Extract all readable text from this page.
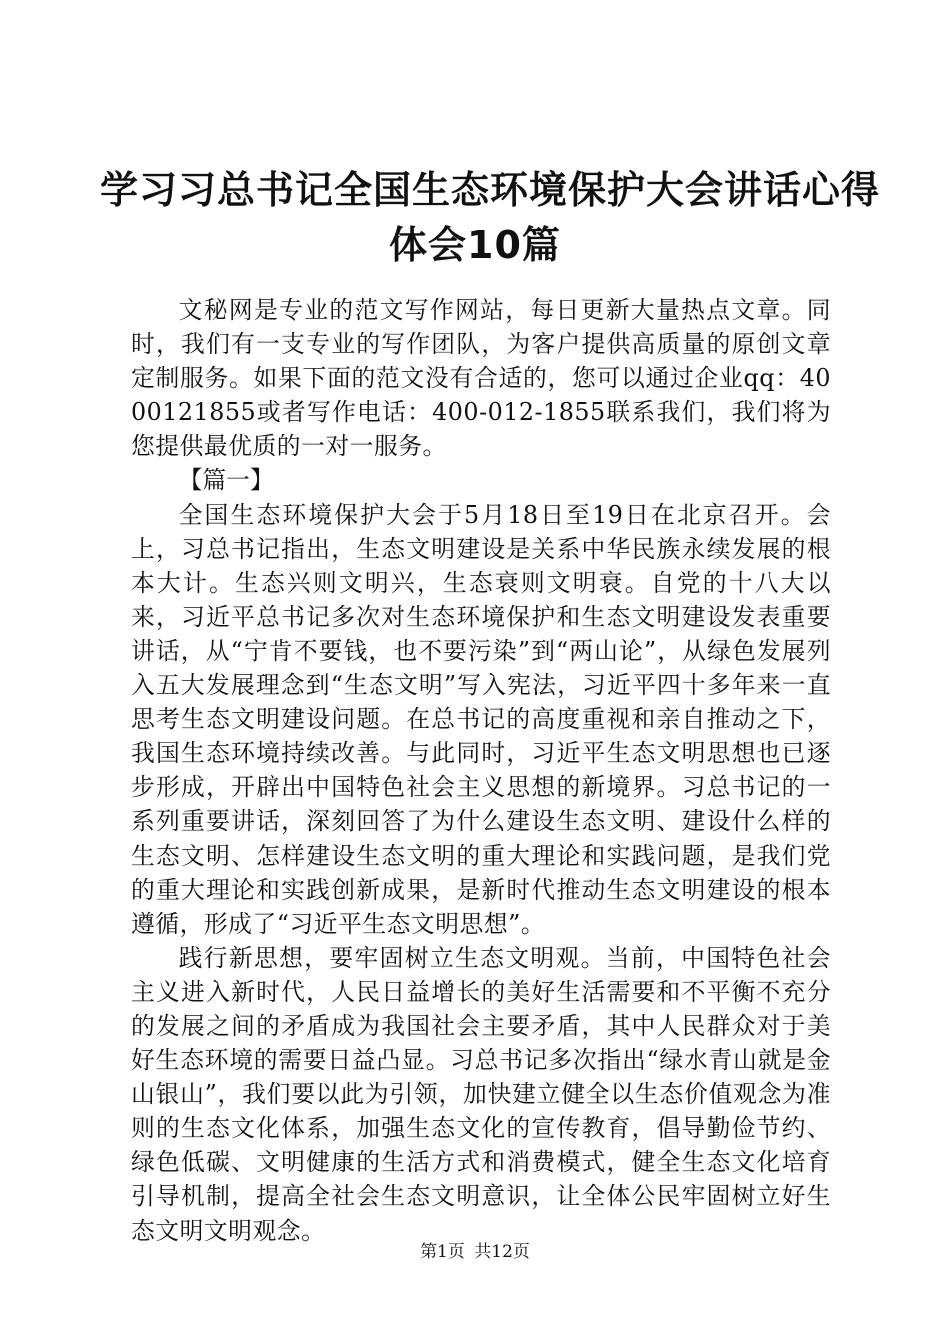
学习习总书记全国生态环境保护大会讲话心得
体会10篇

文秘网是专业的范文写作网站，每日更新大量热点文章。同时，我们有一支专业的写作团队，为客户提供高质量的原创文章定制服务。如果下面的范文没有合适的，您可以通过企业qq：4000121855或者写作电话：400-012-1855联系我们，我们将为您提供最优质的一对一服务。

【篇一】

全国生态环境保护大会于5月18日至19日在北京召开。会上，习总书记指出，生态文明建设是关系中华民族永续发展的根本大计。生态兴则文明兴，生态衰则文明衰。自党的十八大以来，习近平总书记多次对生态环境保护和生态文明建设发表重要讲话，从“宁肯不要钱，也不要污染”到“两山论”，从绿色发展列入五大发展理念到“生态文明”写入宪法，习近平四十多年来一直思考生态文明建设问题。在总书记的高度重视和亲自推动之下，我国生态环境持续改善。与此同时，习近平生态文明思想也已逐步形成，开辟出中国特色社会主义思想的新境界。习总书记的一系列重要讲话，深刻回答了为什么建设生态文明、建设什么样的生态文明、怎样建设生态文明的重大理论和实践问题，是我们党的重大理论和实践创新成果，是新时代推动生态文明建设的根本遵循，形成了“习近平生态文明思想”。

践行新思想，要牢固树立生态文明观。当前，中国特色社会主义进入新时代，人民日益增长的美好生活需要和不平衡不充分的发展之间的矛盾成为我国社会主要矛盾，其中人民群众对于美好生态环境的需要日益凸显。习总书记多次指出“绿水青山就是金山银山”，我们要以此为引领，加快建立健全以生态价值观念为准则的生态文化体系，加强生态文化的宣传教育，倡导勤俭节约、绿色低碳、文明健康的生活方式和消费模式，健全生态文化培育引导机制，提高全社会生态文明意识，让全体公民牢固树立好生态文明文明观念。

第1页 共12页
